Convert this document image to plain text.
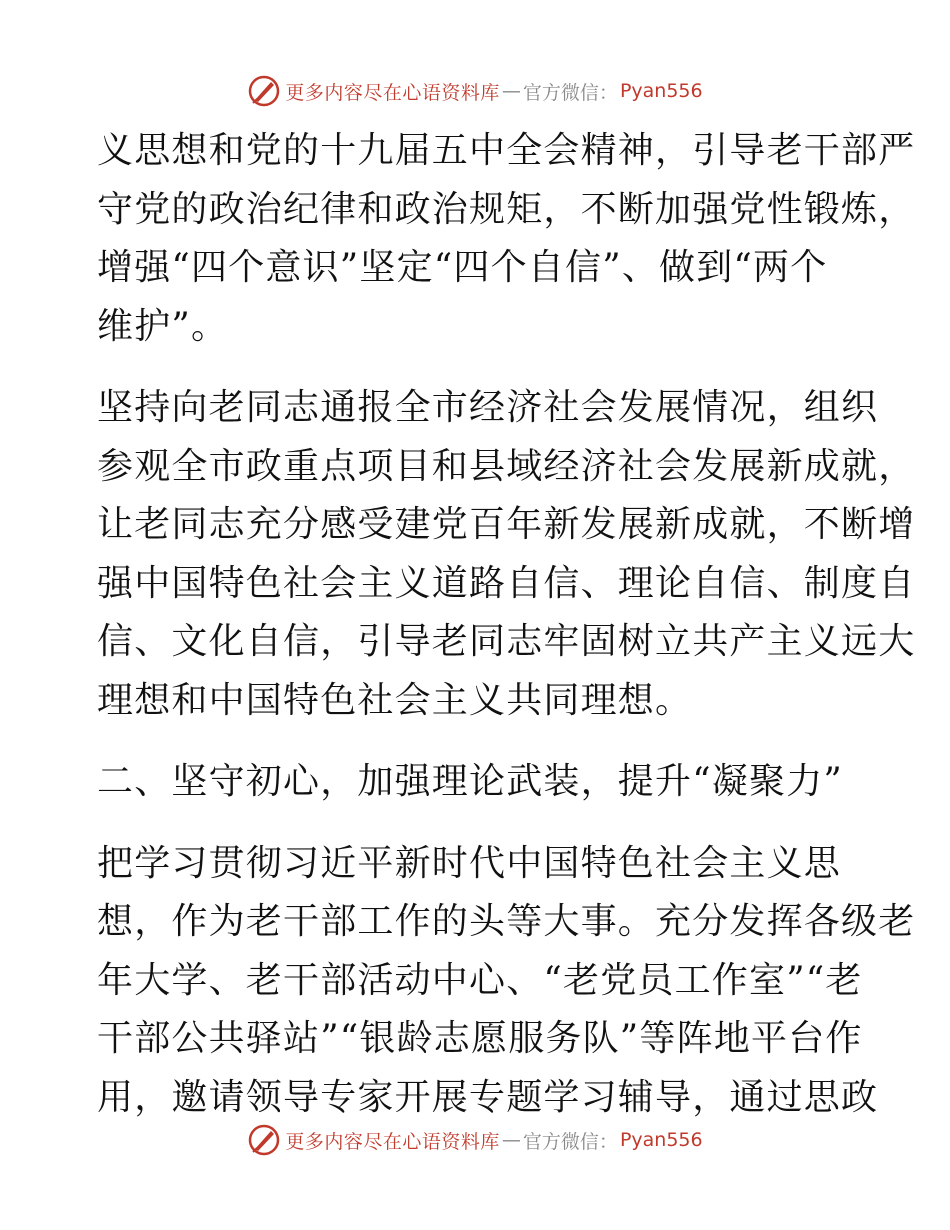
更多内容尽在心语资料库 — 官方微信： Pyan556

义思想和党的十九届五中全会精神，引导老干部严
守党的政治纪律和政治规矩，不断加强党性锻炼，
增强“四个意识”坚定“四个自信”、做到“两个
维护”。

坚持向老同志通报全市经济社会发展情况，组织
参观全市政重点项目和县域经济社会发展新成就，
让老同志充分感受建党百年新发展新成就，不断增
强中国特色社会主义道路自信、理论自信、制度自
信、文化自信，引导老同志牢固树立共产主义远大
理想和中国特色社会主义共同理想。

二、坚守初心，加强理论武装，提升“凝聚力”

把学习贯彻习近平新时代中国特色社会主义思
想，作为老干部工作的头等大事。充分发挥各级老
年大学、老干部活动中心、“老党员工作室”“老
干部公共驿站”“银龄志愿服务队”等阵地平台作
用，邀请领导专家开展专题学习辅导，通过思政

更多内容尽在心语资料库 — 官方微信： Pyan556
